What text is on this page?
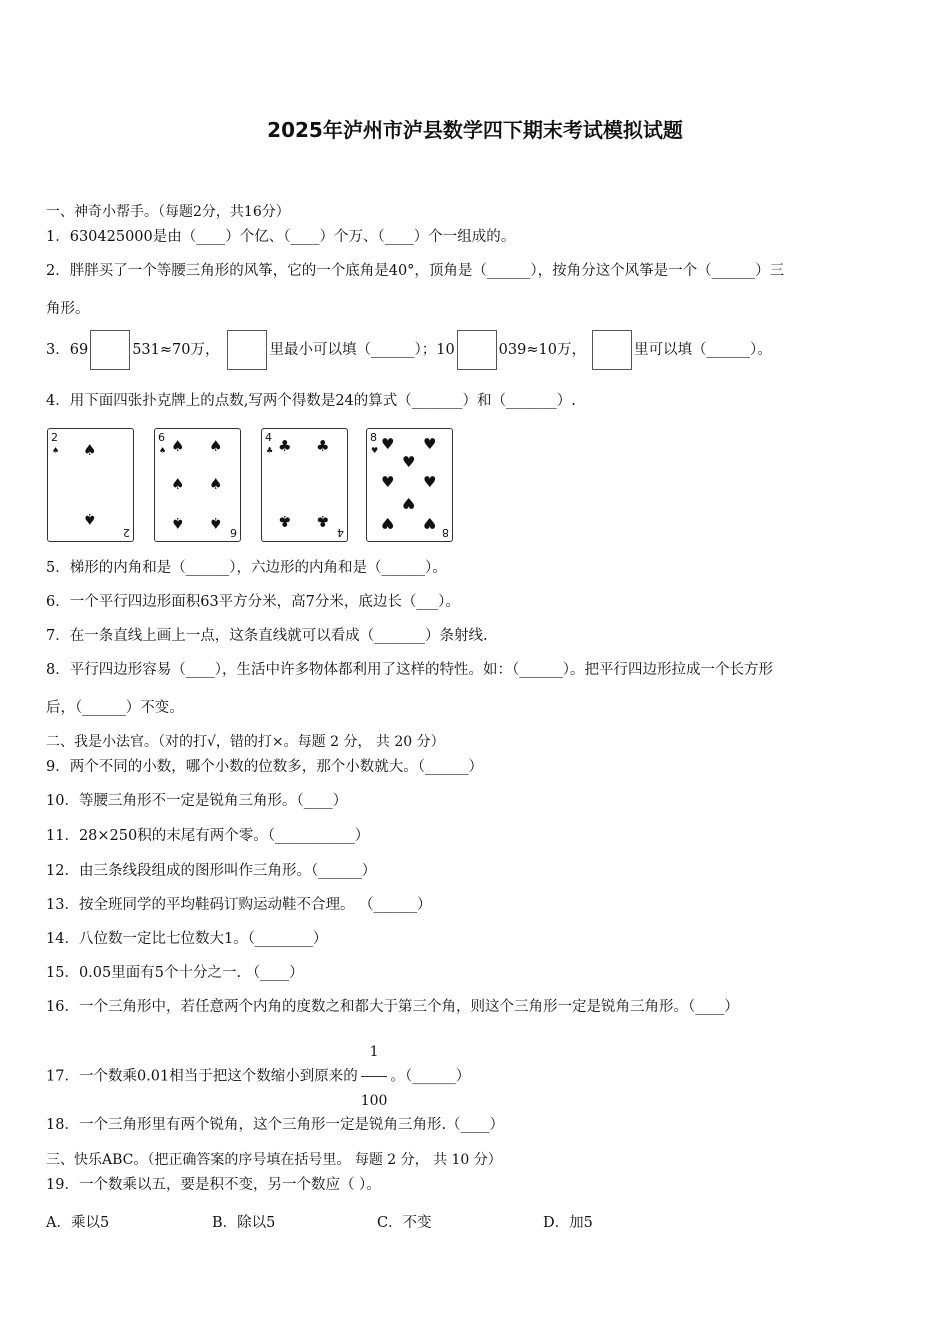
2025年泸州市泸县数学四下期末考试模拟试题
一、神奇小帮手。（每题2分，共16分）
1．630425000是由（____）个亿、（____）个万、（____）个一组成的。
2．胖胖买了一个等腰三角形的风筝，它的一个底角是40°，顶角是（______），按角分这个风筝是一个（______）三
角形。
3．69	531≈70万，	里最小可以填（______）；10	039≈10万，	里可以填（______）。
4．用下面四张扑克牌上的点数,写两个得数是24的算式（_______）和（_______）.
2
♠ ♠
♠
2
6
♠ ♠ ♠
♠ ♠
♠ ♠
6
4
♣ ♣ ♣
♣ ♣
4
8
♥ ♥ ♥
♥
♥ ♥
♥
♥ ♥
8
5．梯形的内角和是（______），六边形的内角和是（______）。
6．一个平行四边形面积63平方分米，高7分米，底边长（___）。
7．在一条直线上画上一点，这条直线就可以看成（_______）条射线.
8．平行四边形容易（____），生活中许多物体都利用了这样的特性。如：（______）。把平行四边形拉成一个长方形
后，（______）不变。
二、我是小法官。（对的打√，错的打×。每题 2 分， 共 20 分）
9．两个不同的小数，哪个小数的位数多，那个小数就大。（______）
10．等腰三角形不一定是锐角三角形。（____）
11．28×250积的末尾有两个零。（___________）
12．由三条线段组成的图形叫作三角形。（______）
13．按全班同学的平均鞋码订购运动鞋不合理。 （______）
14．八位数一定比七位数大1。（________）
15．0.05里面有5个十分之一. （____）
16．一个三角形中，若任意两个内角的度数之和都大于第三个角，则这个三角形一定是锐角三角形。（____）
17．一个数乘0.01相当于把这个数缩小到原来的 $\frac{1}{100}$ 。（______）
18．一个三角形里有两个锐角，这个三角形一定是锐角三角形.（____）
三、快乐ABC。（把正确答案的序号填在括号里。 每题 2 分， 共 10 分）
19．一个数乘以五，要是积不变，另一个数应（ ）。
A．乘以5	B．除以5	C．不变	D．加5
